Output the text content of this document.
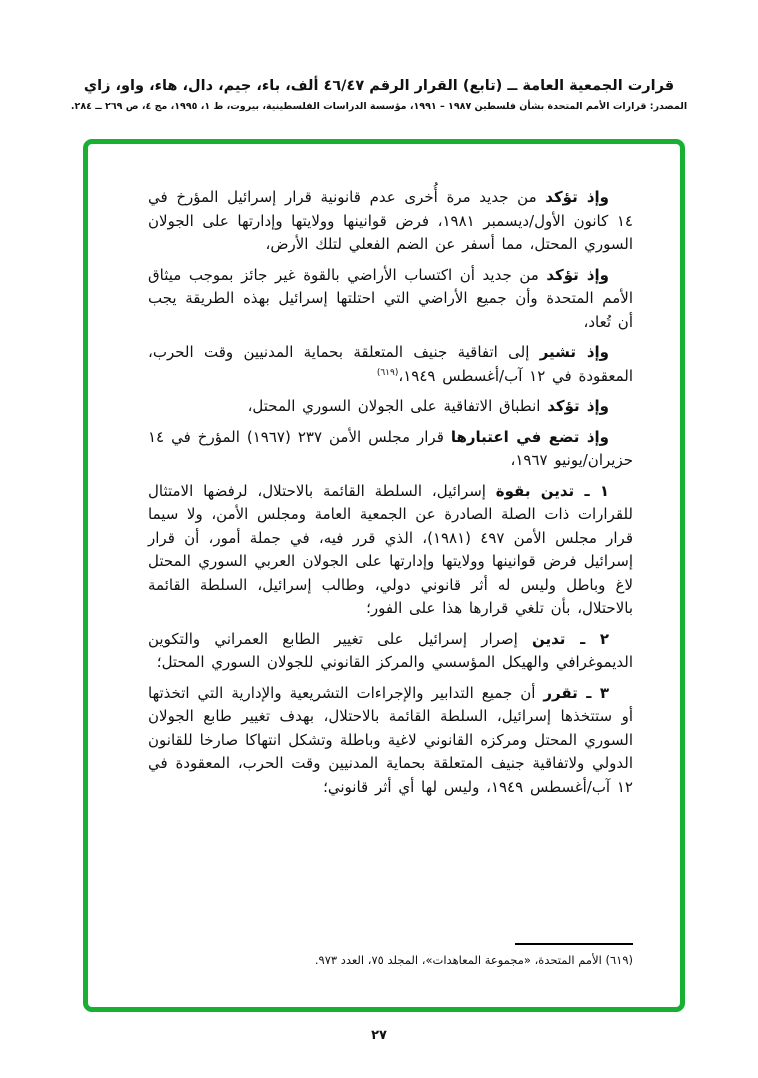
قرارت الجمعية العامة ــ (تابع) القرار الرقم ٤٦/٤٧ ألف، باء، جيم، دال، هاء، واو، زاي

المصدر: قرارات الأمم المتحدة بشأن فلسطين ١٩٨٧ – ١٩٩١، مؤسسة الدراسات الفلسطينية، بيروت، ط ١، ١٩٩٥، مج ٤، ص ٢٦٩ ــ ٢٨٤.

وإذ تؤكد من جديد مرة أُخرى عدم قانونية قرار إسرائيل المؤرخ في ١٤ كانون الأول/ديسمبر ١٩٨١، فرض قوانينها وولايتها وإدارتها على الجولان السوري المحتل، مما أسفر عن الضم الفعلي لتلك الأرض،

وإذ تؤكد من جديد أن اكتساب الأراضي بالقوة غير جائز بموجب ميثاق الأمم المتحدة وأن جميع الأراضي التي احتلتها إسرائيل بهذه الطريقة يجب أن تُعاد،

وإذ تشير إلى اتفاقية جنيف المتعلقة بحماية المدنيين وقت الحرب، المعقودة في ١٢ آب/أغسطس ١٩٤٩،$^{(٦١٩)}$

وإذ تؤكد انطباق الاتفاقية على الجولان السوري المحتل،

وإذ تضع في اعتبارها قرار مجلس الأمن ٢٣٧ (١٩٦٧) المؤرخ في ١٤ حزيران/يونيو ١٩٦٧،

١ ـ تدين بقوة إسرائيل، السلطة القائمة بالاحتلال، لرفضها الامتثال للقرارات ذات الصلة الصادرة عن الجمعية العامة ومجلس الأمن، ولا سيما قرار مجلس الأمن ٤٩٧ (١٩٨١)، الذي قرر فيه، في جملة أمور، أن قرار إسرائيل فرض قوانينها وولايتها وإدارتها على الجولان العربي السوري المحتل لاغ وباطل وليس له أثر قانوني دولي، وطالب إسرائيل، السلطة القائمة بالاحتلال، بأن تلغي قرارها هذا على الفور؛

٢ ـ تدين إصرار إسرائيل على تغيير الطابع العمراني والتكوين الديموغرافي والهيكل المؤسسي والمركز القانوني للجولان السوري المحتل؛

٣ ـ تقرر أن جميع التدابير والإجراءات التشريعية والإدارية التي اتخذتها أو ستتخذها إسرائيل، السلطة القائمة بالاحتلال، بهدف تغيير طابع الجولان السوري المحتل ومركزه القانوني لاغية وباطلة وتشكل انتهاكا صارخا للقانون الدولي ولاتفاقية جنيف المتعلقة بحماية المدنيين وقت الحرب، المعقودة في ١٢ آب/أغسطس ١٩٤٩، وليس لها أي أثر قانوني؛

(٦١٩) الأمم المتحدة، «مجموعة المعاهدات»، المجلد ٧٥، العدد ٩٧٣.
٢٧
